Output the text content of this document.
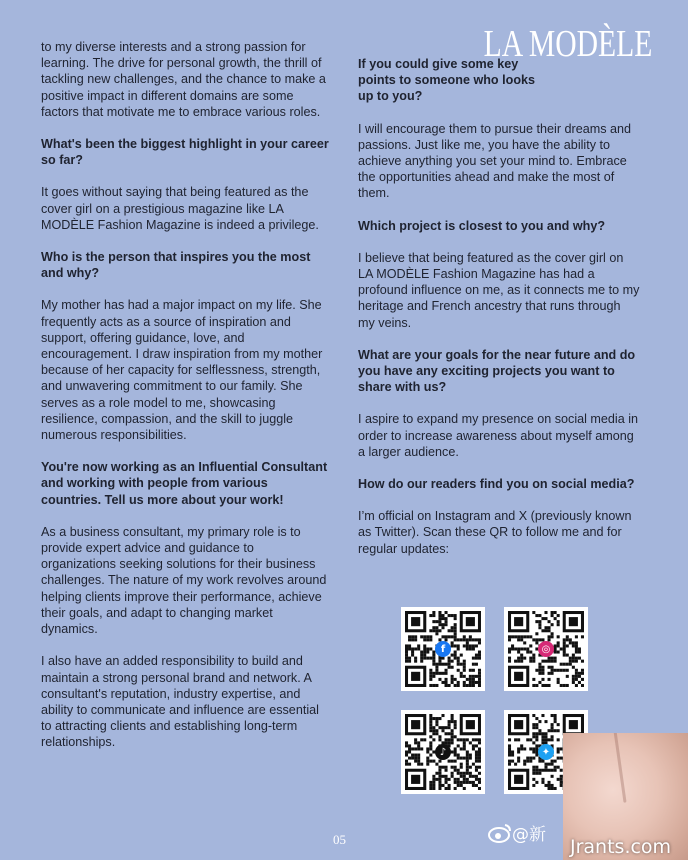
LA MODÈLE

to my diverse interests and a strong passion for learning. The drive for personal growth, the thrill of tackling new challenges, and the chance to make a positive impact in different domains are some factors that motivate me to embrace various roles.

What's been the biggest highlight in your career so far?

It goes without saying that being featured as the cover girl on a prestigious magazine like LA MODÈLE Fashion Magazine is indeed a privilege.

Who is the person that inspires you the most and why?

My mother has had a major impact on my life. She frequently acts as a source of inspiration and support, offering guidance, love, and encouragement. I draw inspiration from my mother because of her capacity for selflessness, strength, and unwavering commitment to our family. She serves as a role model to me, showcasing resilience, compassion, and the skill to juggle numerous responsibilities.

You're now working as an Influential Consultant and working with people from various countries. Tell us more about your work!

As a business consultant, my primary role is to provide expert advice and guidance to organizations seeking solutions for their business challenges. The nature of my work revolves around helping clients improve their performance, achieve their goals, and adapt to changing market dynamics.

I also have an added responsibility to build and maintain a strong personal brand and network. A consultant's reputation, industry expertise, and ability to communicate and influence are essential to attracting clients and establishing long-term relationships.

If you could give some key points to someone who looks up to you?

I will encourage them to pursue their dreams and passions. Just like me, you have the ability to achieve anything you set your mind to. Embrace the opportunities ahead and make the most of them.

Which project is closest to you and why?

I believe that being featured as the cover girl on LA MODÈLE Fashion Magazine has had a profound influence on me, as it connects me to my heritage and French ancestry that runs through my veins.

What are your goals for the near future and do you have any exciting projects you want to share with us?

I aspire to expand my presence on social media in order to increase awareness about myself among a larger audience.

How do our readers find you on social media?

I’m official on Instagram and X (previously known as Twitter). Scan these QR to follow me and for regular updates:

f	◎
♪	✦
05	@新
Jrants.com
